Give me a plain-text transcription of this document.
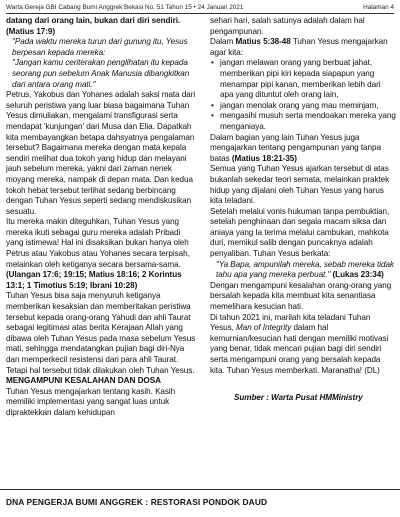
Warta Gereja GBI Cabang Bumi Anggrek Bekasi No. 51 Tahun 15 • 24 Januari 2021	Halaman 4

datang dari orang lain, bukan dari diri sendiri. (Matius 17:9)

"Pada waktu mereka turun dari gunung itu, Yesus berpesan kepada mereka:

"Jangan kamu ceriterakan penglihatan itu kepada seorang pun sebelum Anak Manusia dibangkitkan dari antara orang mati."

Petrus, Yakobus dan Yohanes adalah saksi mata dari seluruh peristiwa yang luar biasa bagaimana Tuhan Yesus dimuliakan, mengalami transfigurasi serta mendapat 'kunjungan' dari Musa dan Elia. Dapatkah kita membayangkan betapa dahsyatnya pengalaman tersebut? Bagaimana mereka dengan mata kepala sendiri melihat dua tokoh yang hidup dan melayani jauh sebelum mereka, yakni dari zaman nenek moyang mereka, nampak di depan mata. Dan kedua tokoh hebat tersebut terlihat sedang berbincang dengan Tuhan Yesus seperti sedang mendiskusikan sesuatu.

Itu mereka makin diteguhkan, Tuhan Yesus yang mereka ikuti sebagai guru mereka adalah Pribadi yang istimewa! Hal ini disaksikan bukan hanya oleh Petrus atau Yakobus atau Yohanes secara terpisah, melainkan oleh ketiganya secara bersama-sama. (Ulangan 17:6; 19:15; Matius 18:16; 2 Korintus 13:1; 1 Timotius 5:19; Ibrani 10:28)

Tuhan Yesus bisa saja menyuruh ketiganya memberikan kesaksian dan memberitakan peristiwa tersebut kepada orang-orang Yahudi dan ahli Taurat sebagai legitimasi atas berita Kerajaan Allah yang dibawa oleh Tuhan Yesus pada masa sebelum Yesus mati, sehingga mendatangkan pujian bagi diri-Nya dan memperkecil resistensi dari para ahli Taurat. Tetapi hal tersebut tidak dilakukan oleh Tuhan Yesus.

MENGAMPUNI KESALAHAN DAN DOSA

Tuhan Yesus mengajarkan tentang kasih. Kasih memiliki implementasi yang sangat luas untuk dipraktekkan dalam kehidupan

sehari hari, salah satunya adalah dalam hal pengampunan.

Dalam Matius 5:38-48 Tuhan Yesus mengajarkan agar kita:

• jangan melawan orang yang berbuat jahat, memberikan pipi kiri kepada siapapun yang menampar pipi kanan, memberikan lebih dari apa yang dituntut oleh orang lain,
• jangan menolak orang yang mau meminjam,
• mengasihi musuh serta mendoakan mereka yang menganiaya.

Dalam bagian yang lain Tuhan Yesus juga mengajarkan tentang pengampunan yang tanpa batas (Matius 18:21-35)

Semua yang Tuhan Yesus ajarkan tersebut di atas bukanlah sekedar teori semata, melainkan praktek hidup yang dijalani oleh Tuhan Yesus yang harus kita teladani.

Setelah melalui vonis hukuman tanpa pembuktian, setelah penghinaan dan segala macam siksa dan aniaya yang Ia terima melalui cambukan, mahkota duri, memikul salib dengan puncaknya adalah penyaliban. Tuhan Yesus berkata:

"Ya Bapa, ampunilah mereka, sebab mereka tidak tahu apa yang mereka perbuat." (Lukas 23:34)

Dengan mengampuni kesalahan orang-orang yang bersalah kepada kita membuat kita senantiasa memelihara kesucian hati.

Di tahun 2021 ini, marilah kita teladani Tuhan Yesus, Man of Integrity dalam hal kemurnian/kesucian hati dengan memiliki motivasi yang benar, tidak mencari pujian bagi diri sendiri serta mengampuni orang yang bersalah kepada kita. Tuhan Yesus memberkati. Maranatha! (DL)

Sumber : Warta Pusat HMMinistry

DNA PENGERJA BUMI ANGGREK : RESTORASI PONDOK DAUD
